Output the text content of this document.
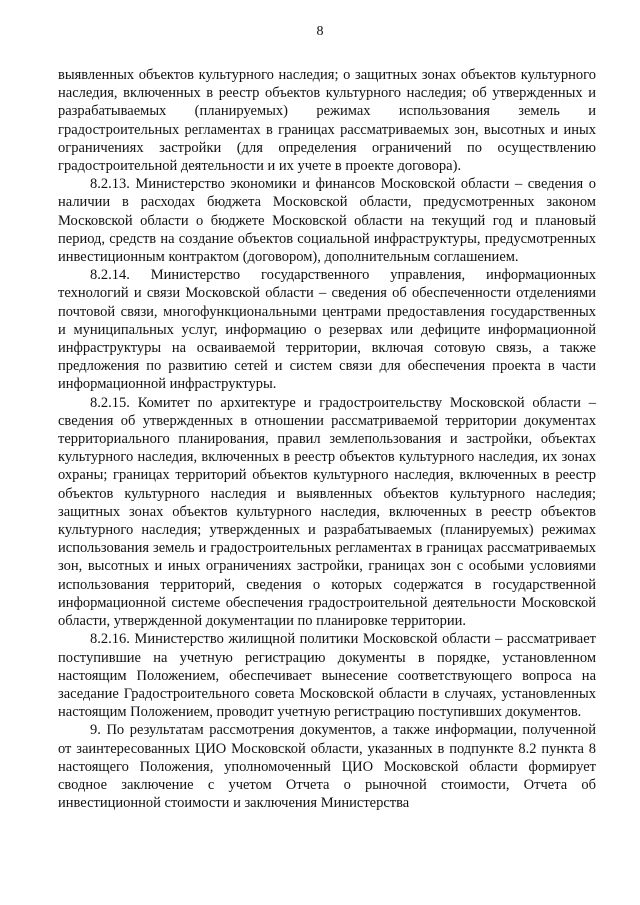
8

выявленных объектов культурного наследия; о защитных зонах объектов культурного наследия, включенных в реестр объектов культурного наследия; об утвержденных и разрабатываемых (планируемых) режимах использования земель и градостроительных регламентах в границах рассматриваемых зон, высотных и иных ограничениях застройки (для определения ограничений по осуществлению градостроительной деятельности и их учете в проекте договора).

8.2.13. Министерство экономики и финансов Московской области – сведения о наличии в расходах бюджета Московской области, предусмотренных законом Московской области о бюджете Московской области на текущий год и плановый период, средств на создание объектов социальной инфраструктуры, предусмотренных инвестиционным контрактом (договором), дополнительным соглашением.

8.2.14. Министерство государственного управления, информационных технологий и связи Московской области – сведения об обеспеченности отделениями почтовой связи, многофункциональными центрами предоставления государственных и муниципальных услуг, информацию о резервах или дефиците информационной инфраструктуры на осваиваемой территории, включая сотовую связь, а также предложения по развитию сетей и систем связи для обеспечения проекта в части информационной инфраструктуры.

8.2.15. Комитет по архитектуре и градостроительству Московской области – сведения об утвержденных в отношении рассматриваемой территории документах территориального планирования, правил землепользования и застройки, объектах культурного наследия, включенных в реестр объектов культурного наследия, их зонах охраны; границах территорий объектов культурного наследия, включенных в реестр объектов культурного наследия и выявленных объектов культурного наследия; защитных зонах объектов культурного наследия, включенных в реестр объектов культурного наследия; утвержденных и разрабатываемых (планируемых) режимах использования земель и градостроительных регламентах в границах рассматриваемых зон, высотных и иных ограничениях застройки, границах зон с особыми условиями использования территорий, сведения о которых содержатся в государственной информационной системе обеспечения градостроительной деятельности Московской области, утвержденной документации по планировке территории.

8.2.16. Министерство жилищной политики Московской области – рассматривает поступившие на учетную регистрацию документы в порядке, установленном настоящим Положением, обеспечивает вынесение соответствующего вопроса на заседание Градостроительного совета Московской области в случаях, установленных настоящим Положением, проводит учетную регистрацию поступивших документов.

9. По результатам рассмотрения документов, а также информации, полученной от заинтересованных ЦИО Московской области, указанных в подпункте 8.2 пункта 8 настоящего Положения, уполномоченный ЦИО Московской области формирует сводное заключение с учетом Отчета о рыночной стоимости, Отчета об инвестиционной стоимости и заключения Министерства
